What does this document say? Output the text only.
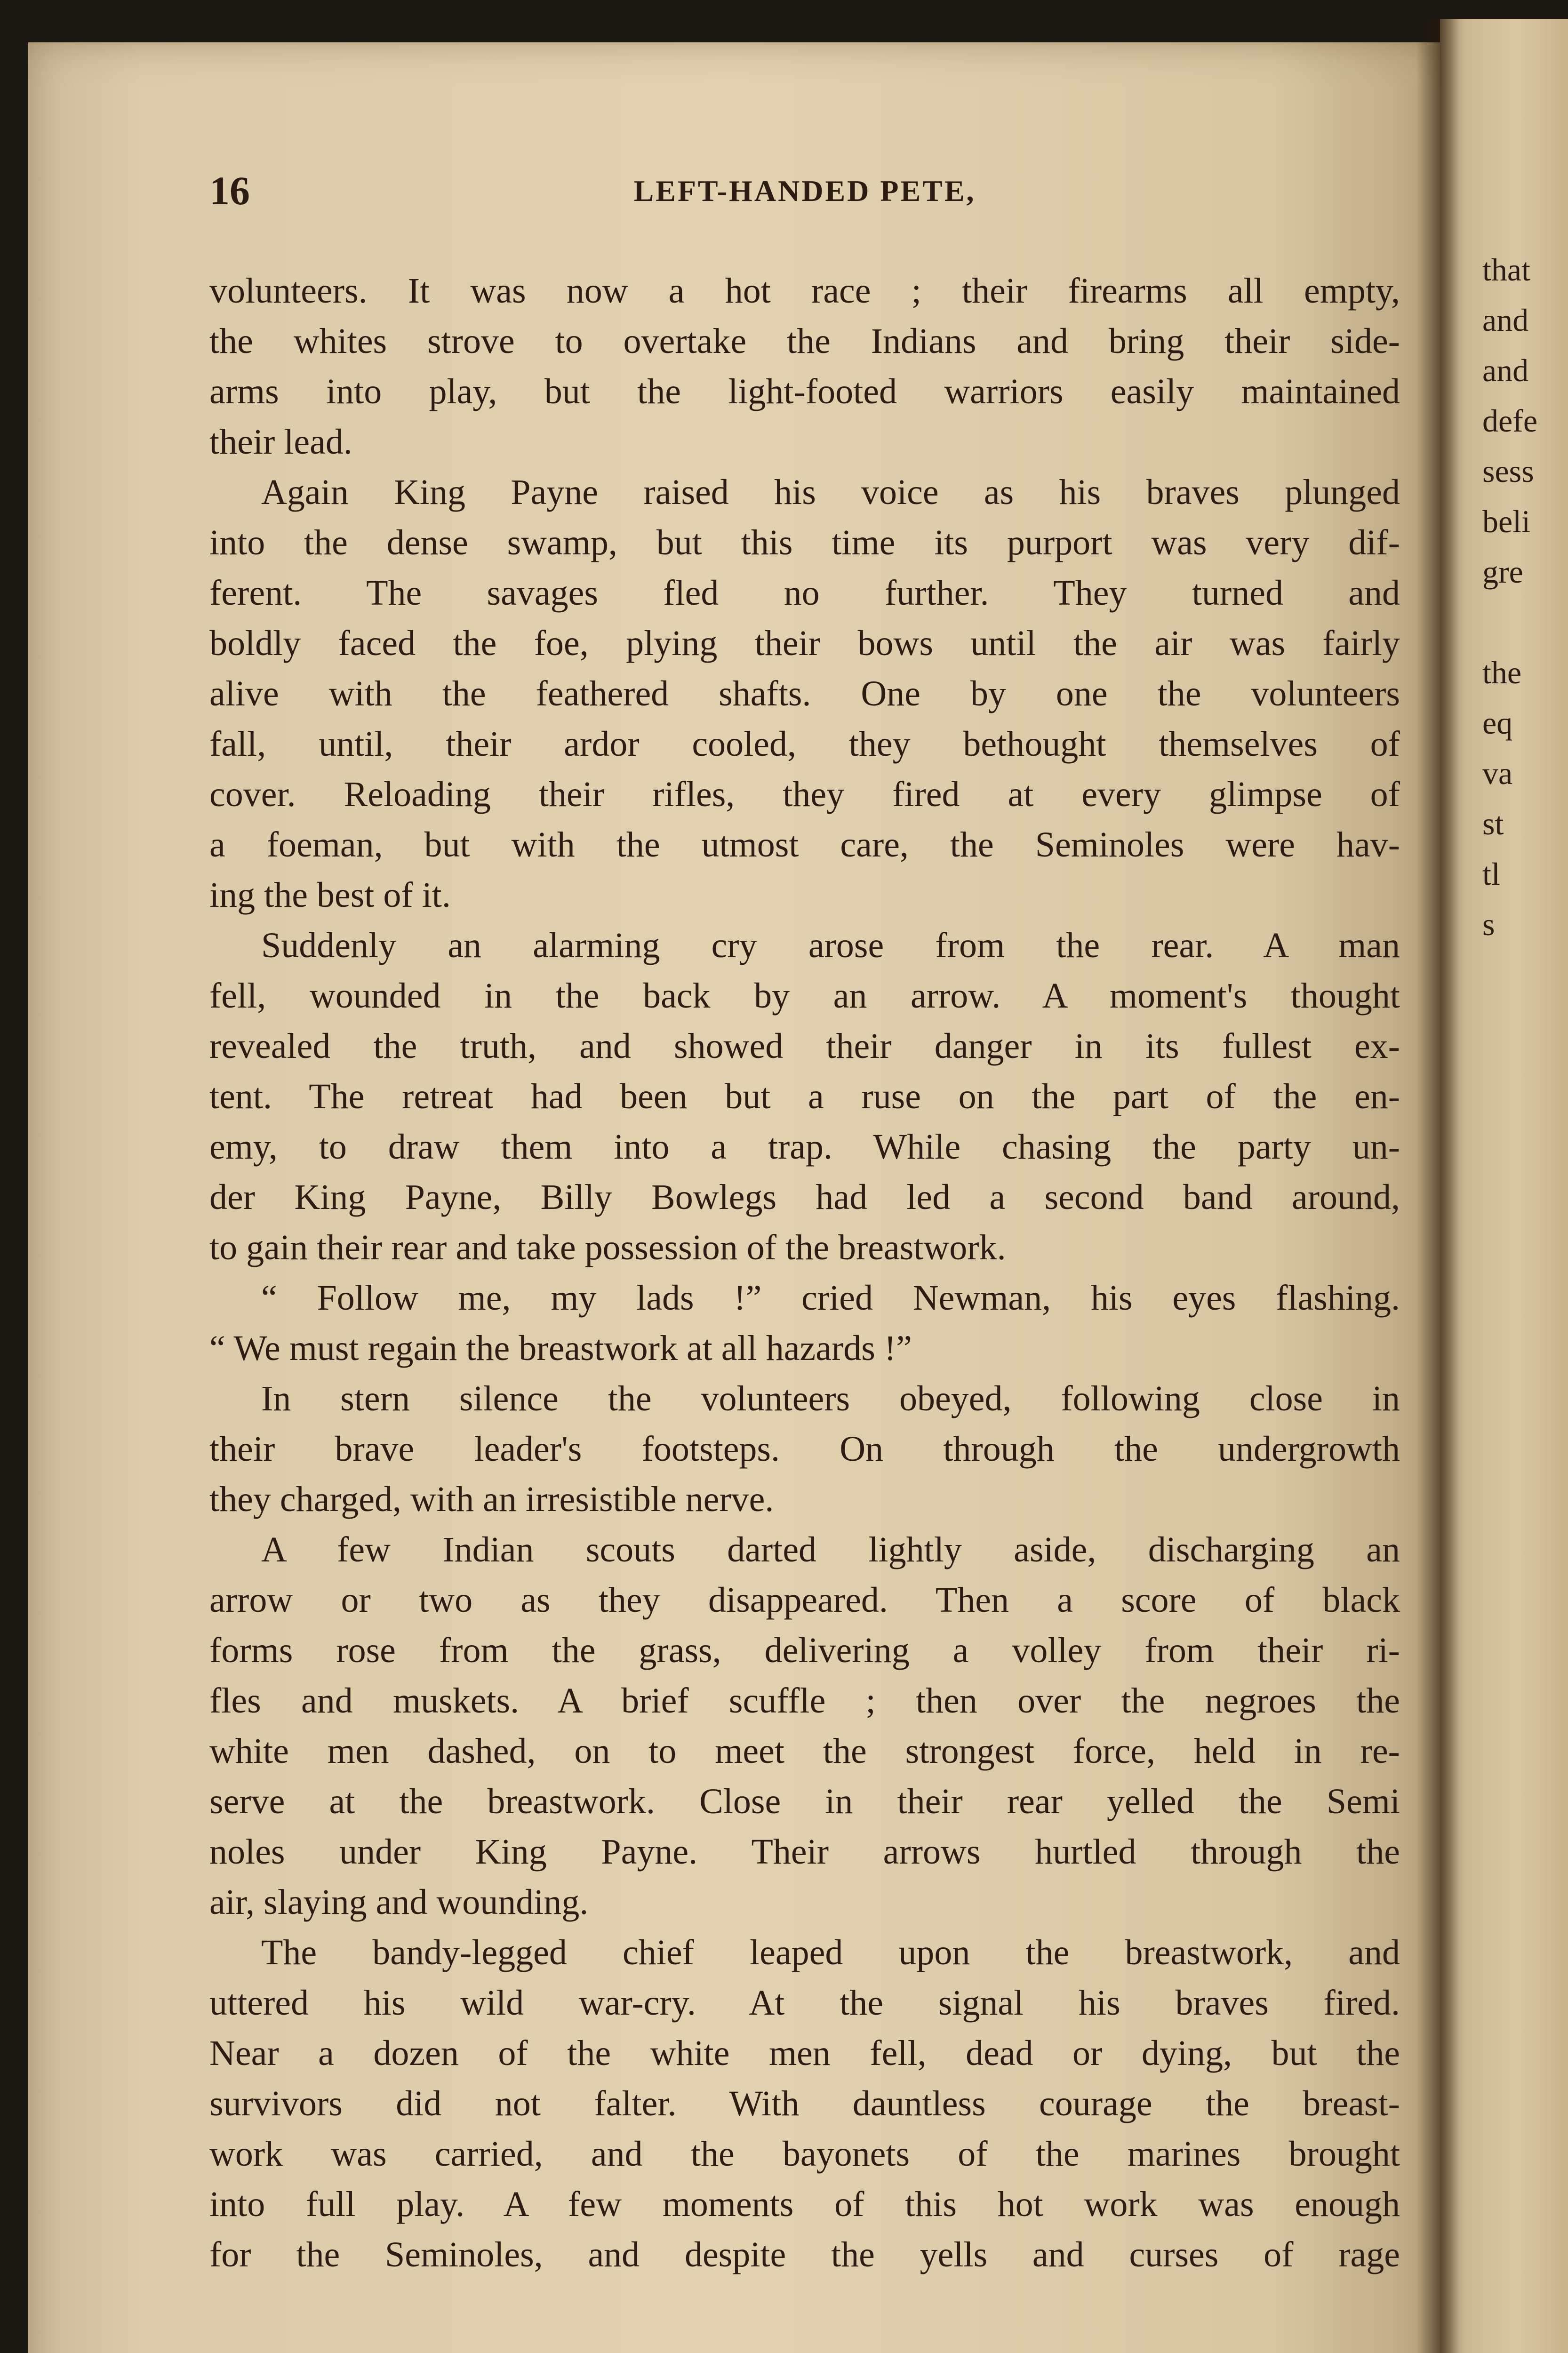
16	LEFT-HANDED PETE,
volunteers. It was now a hot race ; their firearms all empty,
the whites strove to overtake the Indians and bring their side-
arms into play, but the light-footed warriors easily maintained
their lead.
Again King Payne raised his voice as his braves plunged
into the dense swamp, but this time its purport was very dif-
ferent. The savages fled no further. They turned and
boldly faced the foe, plying their bows until the air was fairly
alive with the feathered shafts. One by one the volunteers
fall, until, their ardor cooled, they bethought themselves of
cover. Reloading their rifles, they fired at every glimpse of
a foeman, but with the utmost care, the Seminoles were hav-
ing the best of it.
Suddenly an alarming cry arose from the rear. A man
fell, wounded in the back by an arrow. A moment's thought
revealed the truth, and showed their danger in its fullest ex-
tent. The retreat had been but a ruse on the part of the en-
emy, to draw them into a trap. While chasing the party un-
der King Payne, Billy Bowlegs had led a second band around,
to gain their rear and take possession of the breastwork.
“ Follow me, my lads !” cried Newman, his eyes flashing.
“ We must regain the breastwork at all hazards !”
In stern silence the volunteers obeyed, following close in
their brave leader's footsteps. On through the undergrowth
they charged, with an irresistible nerve.
A few Indian scouts darted lightly aside, discharging an
arrow or two as they disappeared. Then a score of black
forms rose from the grass, delivering a volley from their ri-
fles and muskets. A brief scuffle ; then over the negroes the
white men dashed, on to meet the strongest force, held in re-
serve at the breastwork. Close in their rear yelled the Semi
noles under King Payne. Their arrows hurtled through the
air, slaying and wounding.
The bandy-legged chief leaped upon the breastwork, and
uttered his wild war-cry. At the signal his braves fired.
Near a dozen of the white men fell, dead or dying, but the
survivors did not falter. With dauntless courage the breast-
work was carried, and the bayonets of the marines brought
into full play. A few moments of this hot work was enough
for the Seminoles, and despite the yells and curses of rage
that
and
and
defe
sess
beli
gre
the
eq
va
st
tl
s
